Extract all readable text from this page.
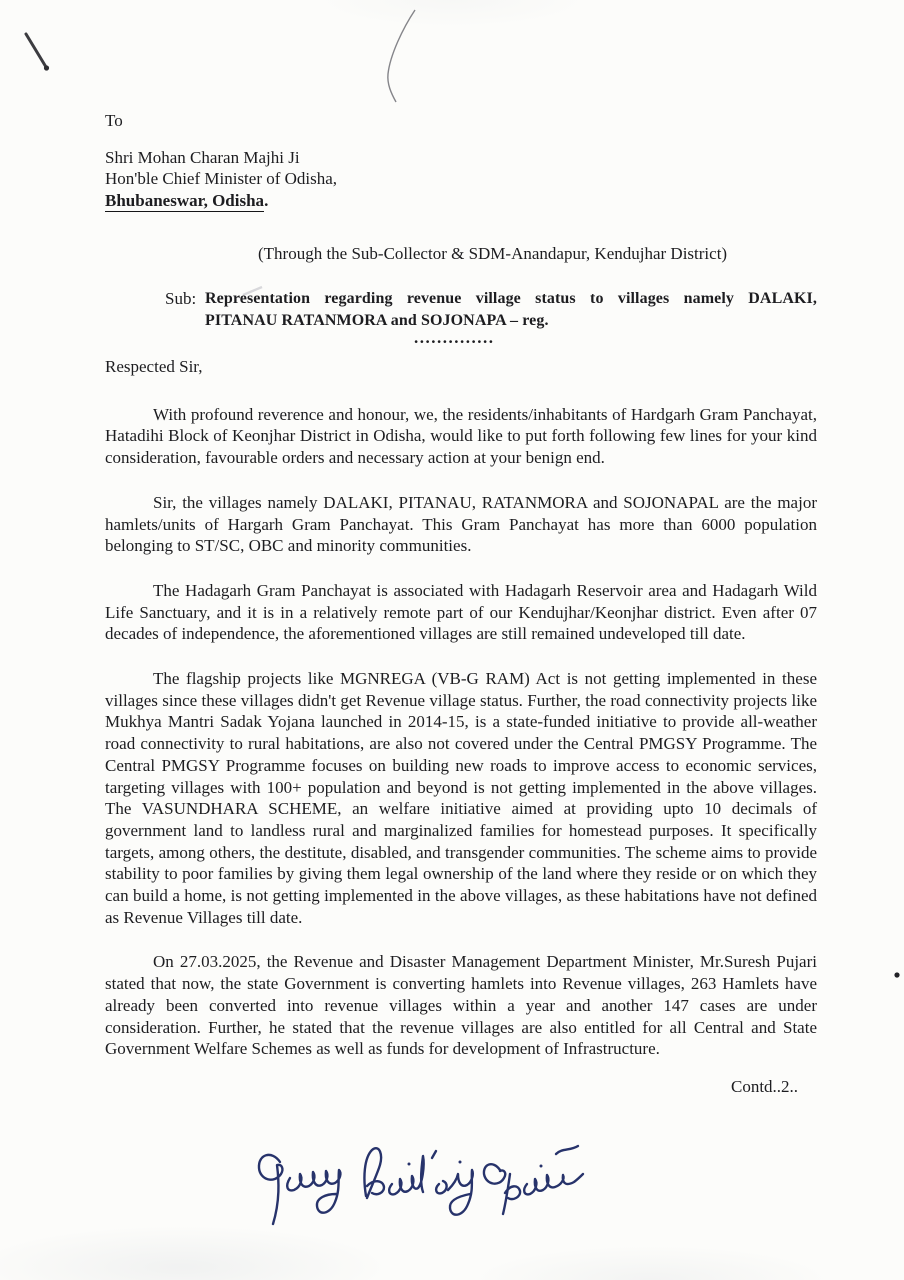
To
Shri Mohan Charan Majhi Ji
Hon'ble Chief Minister of Odisha,
Bhubaneswar, Odisha.
(Through the Sub-Collector & SDM-Anandapur, Kendujhar District)
Sub: Representation regarding revenue village status to villages namely DALAKI,
PITANAU RATANMORA and SOJONAPA – reg.
..............

Respected Sir,

With profound reverence and honour, we, the residents/inhabitants of Hardgarh Gram Panchayat, Hatadihi Block of Keonjhar District in Odisha, would like to put forth following few lines for your kind consideration, favourable orders and necessary action at your benign end.

Sir, the villages namely DALAKI, PITANAU, RATANMORA and SOJONAPAL are the major hamlets/units of Hargarh Gram Panchayat. This Gram Panchayat has more than 6000 population belonging to ST/SC, OBC and minority communities.

The Hadagarh Gram Panchayat is associated with Hadagarh Reservoir area and Hadagarh Wild Life Sanctuary, and it is in a relatively remote part of our Kendujhar/Keonjhar district. Even after 07 decades of independence, the aforementioned villages are still remained undeveloped till date.

The flagship projects like MGNREGA (VB-G RAM) Act is not getting implemented in these villages since these villages didn't get Revenue village status. Further, the road connectivity projects like Mukhya Mantri Sadak Yojana launched in 2014-15, is a state-funded initiative to provide all-weather road connectivity to rural habitations, are also not covered under the Central PMGSY Programme. The Central PMGSY Programme focuses on building new roads to improve access to economic services, targeting villages with 100+ population and beyond is not getting implemented in the above villages. The VASUNDHARA SCHEME, an welfare initiative aimed at providing upto 10 decimals of government land to landless rural and marginalized families for homestead purposes. It specifically targets, among others, the destitute, disabled, and transgender communities. The scheme aims to provide stability to poor families by giving them legal ownership of the land where they reside or on which they can build a home, is not getting implemented in the above villages, as these habitations have not defined as Revenue Villages till date.

On 27.03.2025, the Revenue and Disaster Management Department Minister, Mr.Suresh Pujari stated that now, the state Government is converting hamlets into Revenue villages, 263 Hamlets have already been converted into revenue villages within a year and another 147 cases are under consideration. Further, he stated that the revenue villages are also entitled for all Central and State Government Welfare Schemes as well as funds for development of Infrastructure.

Contd..2..
